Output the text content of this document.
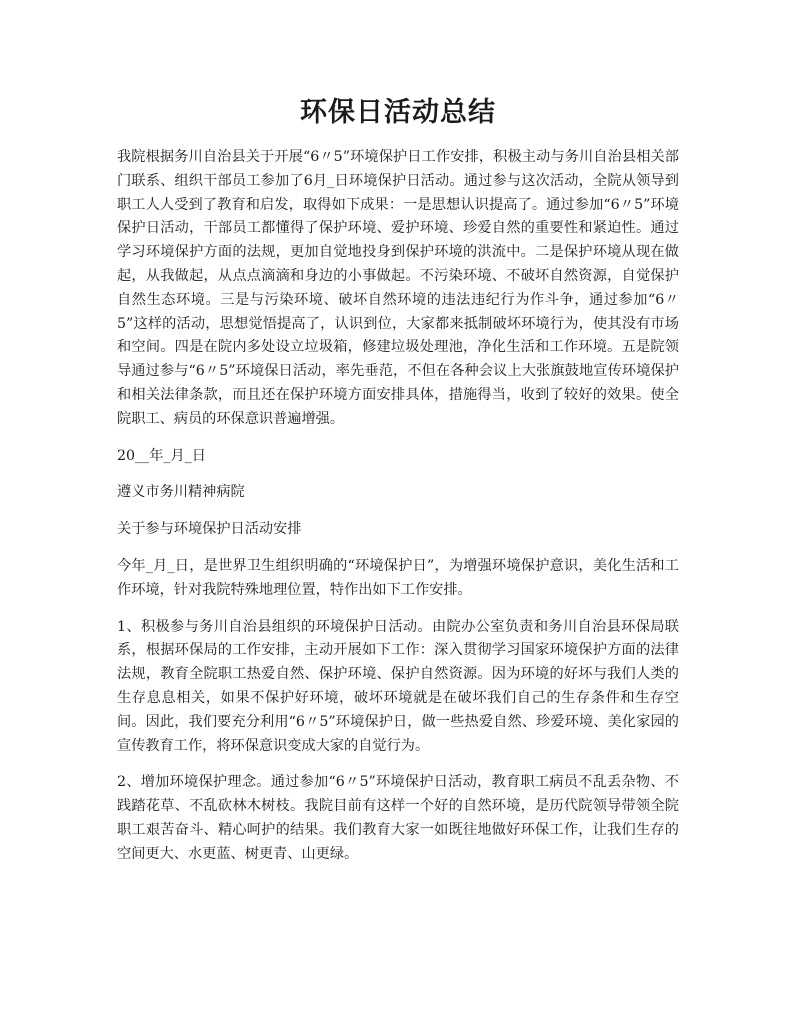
环保日活动总结

我院根据务川自治县关于开展“6〃5”环境保护日工作安排，积极主动与务川自治县相关部门联系、组织干部员工参加了6月_日环境保护日活动。通过参与这次活动，全院从领导到职工人人受到了教育和启发，取得如下成果：一是思想认识提高了。通过参加“6〃5”环境保护日活动，干部员工都懂得了保护环境、爱护环境、珍爱自然的重要性和紧迫性。通过学习环境保护方面的法规，更加自觉地投身到保护环境的洪流中。二是保护环境从现在做起，从我做起，从点点滴滴和身边的小事做起。不污染环境、不破坏自然资源，自觉保护自然生态环境。三是与污染环境、破坏自然环境的违法违纪行为作斗争，通过参加“6〃5”这样的活动，思想觉悟提高了，认识到位，大家都来抵制破坏环境行为，使其没有市场和空间。四是在院内多处设立垃圾箱，修建垃圾处理池，净化生活和工作环境。五是院领导通过参与“6〃5”环境保日活动，率先垂范，不但在各种会议上大张旗鼓地宣传环境保护和相关法律条款，而且还在保护环境方面安排具体，措施得当，收到了较好的效果。使全院职工、病员的环保意识普遍增强。

20__年_月_日

遵义市务川精神病院

关于参与环境保护日活动安排

今年_月_日，是世界卫生组织明确的“环境保护日”，为增强环境保护意识，美化生活和工作环境，针对我院特殊地理位置，特作出如下工作安排。

1、积极参与务川自治县组织的环境保护日活动。由院办公室负责和务川自治县环保局联系，根据环保局的工作安排，主动开展如下工作：深入贯彻学习国家环境保护方面的法律法规，教育全院职工热爱自然、保护环境、保护自然资源。因为环境的好坏与我们人类的生存息息相关，如果不保护好环境，破坏环境就是在破坏我们自己的生存条件和生存空间。因此，我们要充分利用“6〃5”环境保护日，做一些热爱自然、珍爱环境、美化家园的宣传教育工作，将环保意识变成大家的自觉行为。

2、增加环境保护理念。通过参加“6〃5”环境保护日活动，教育职工病员不乱丢杂物、不践踏花草、不乱砍林木树枝。我院目前有这样一个好的自然环境，是历代院领导带领全院职工艰苦奋斗、精心呵护的结果。我们教育大家一如既往地做好环保工作，让我们生存的空间更大、水更蓝、树更青、山更绿。
